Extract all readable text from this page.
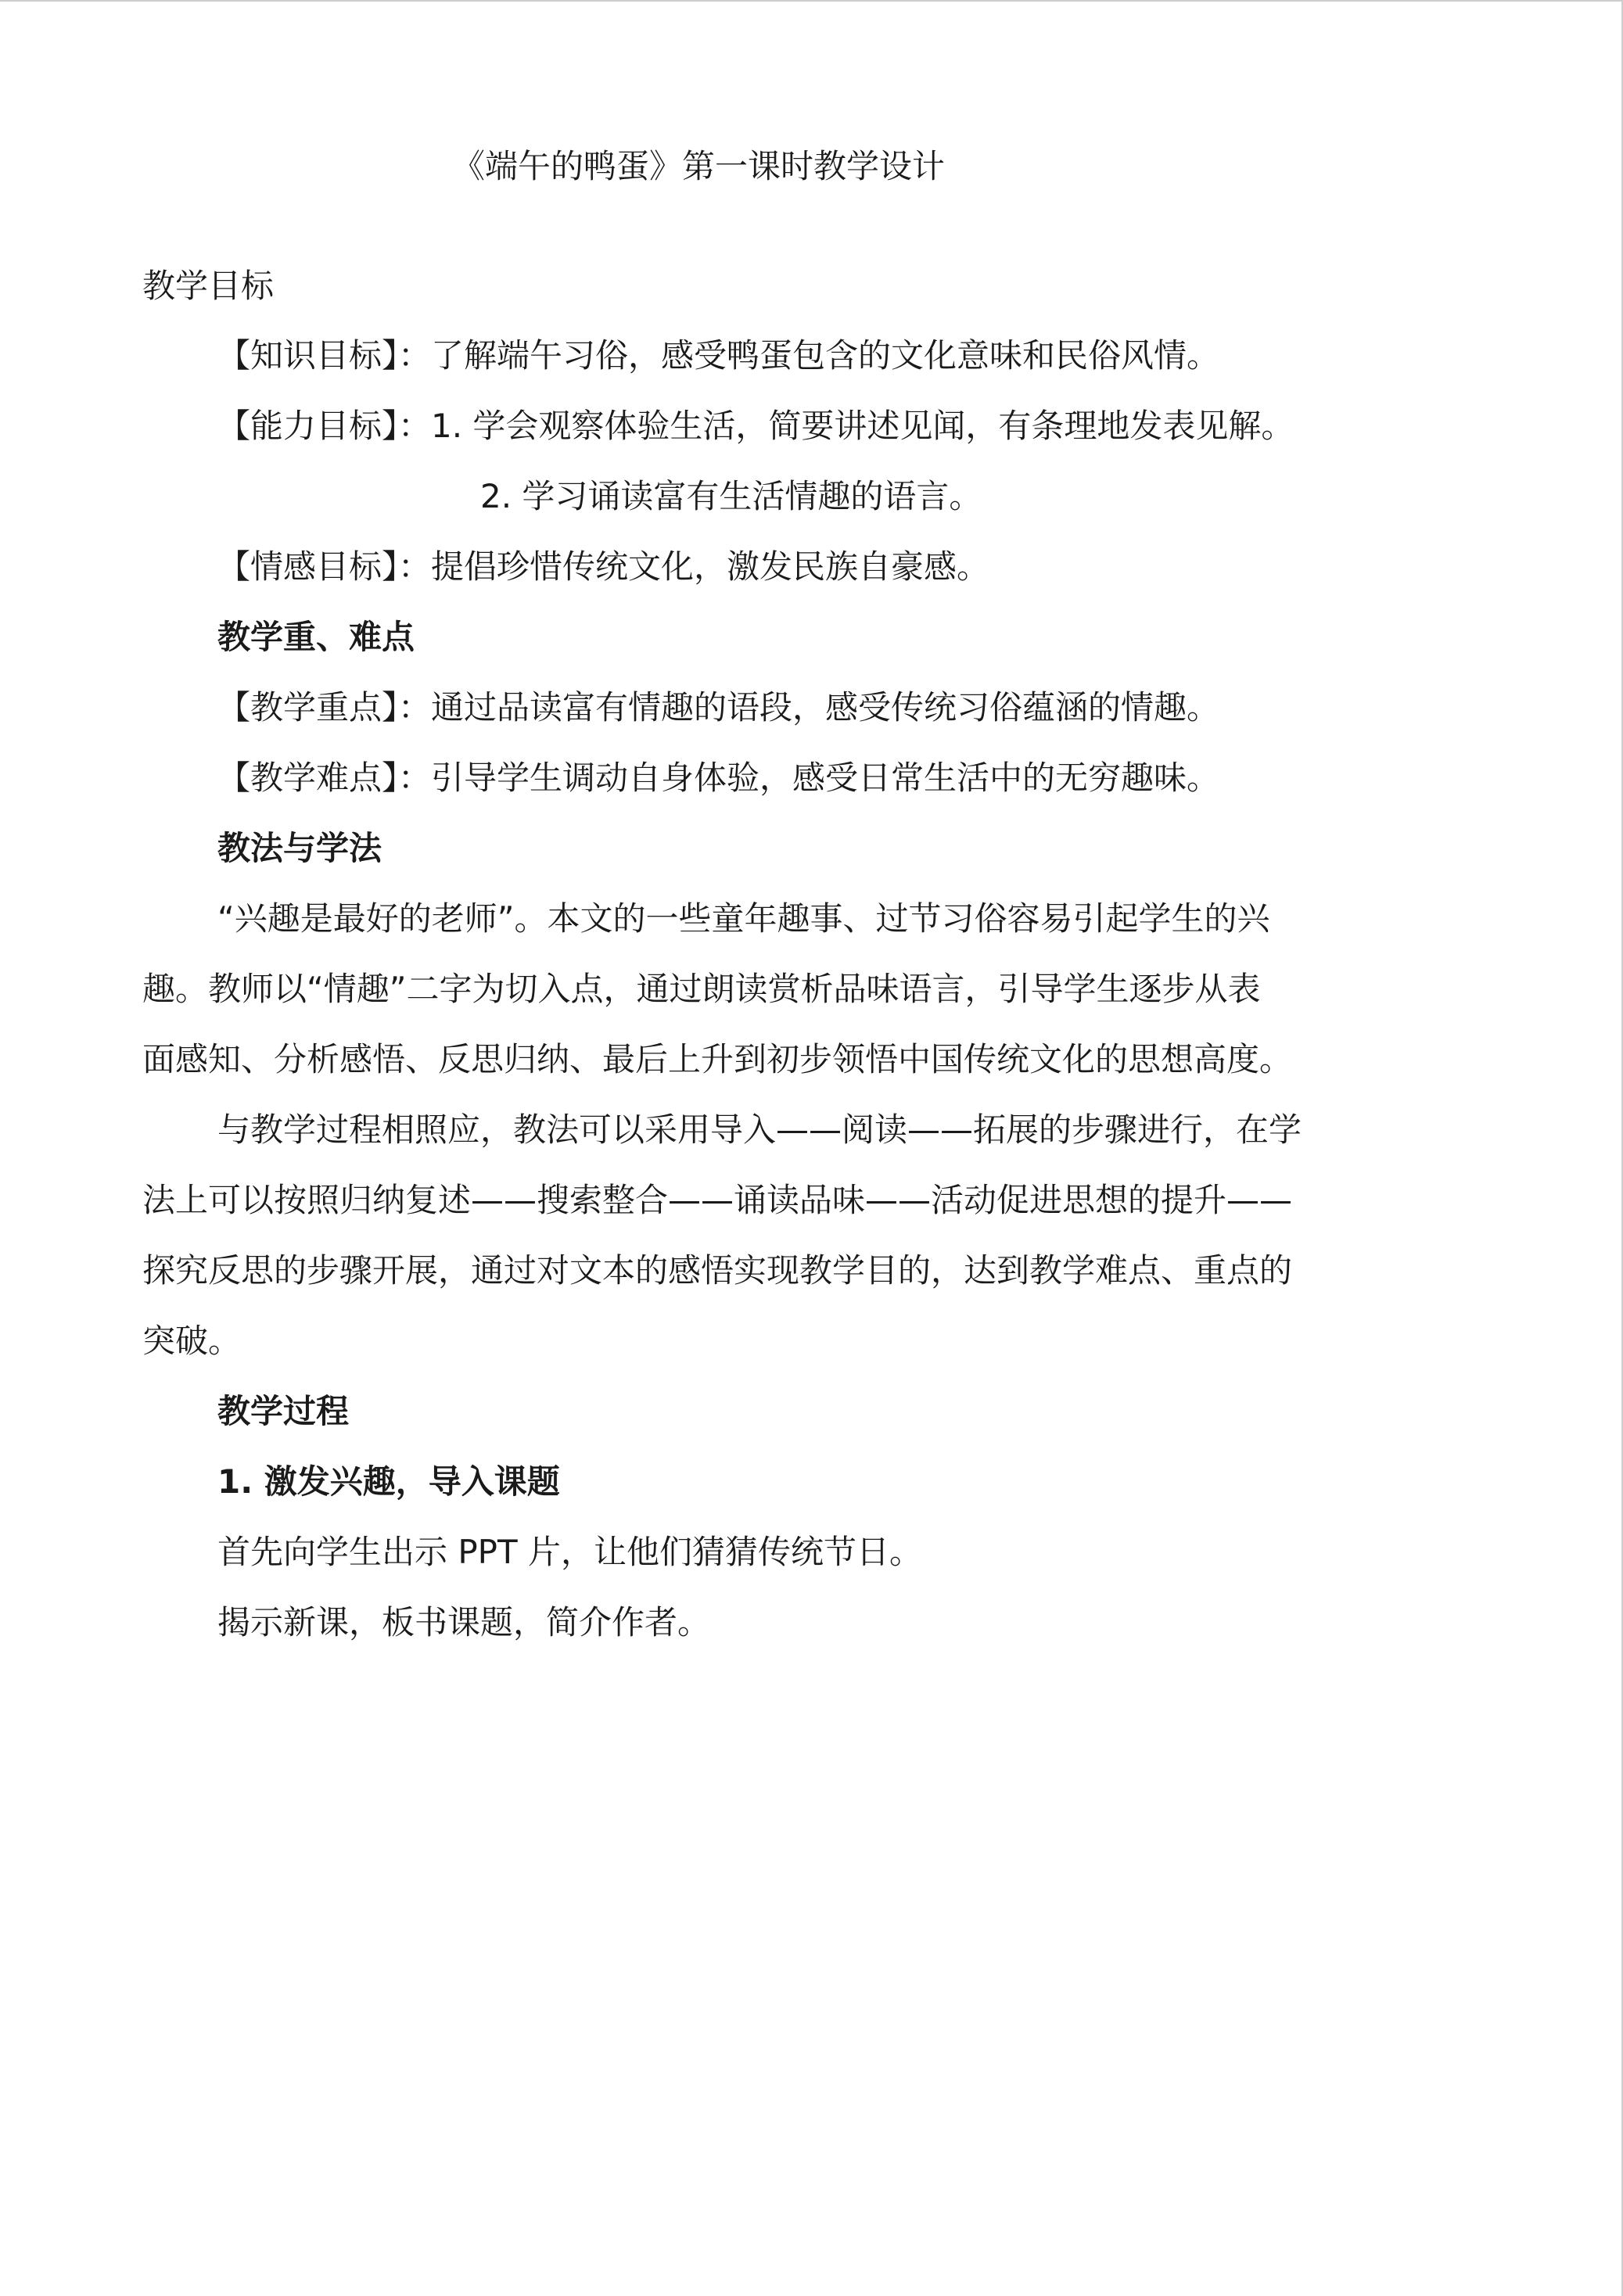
《端午的鸭蛋》第一课时教学设计
教学目标
【知识目标】：了解端午习俗，感受鸭蛋包含的文化意味和民俗风情。
【能力目标】：1. 学会观察体验生活，简要讲述见闻，有条理地发表见解。
2. 学习诵读富有生活情趣的语言。
【情感目标】：提倡珍惜传统文化，激发民族自豪感。
教学重、难点
【教学重点】：通过品读富有情趣的语段，感受传统习俗蕴涵的情趣。
【教学难点】：引导学生调动自身体验，感受日常生活中的无穷趣味。
教法与学法
“兴趣是最好的老师”。本文的一些童年趣事、过节习俗容易引起学生的兴
趣。教师以“情趣”二字为切入点，通过朗读赏析品味语言，引导学生逐步从表
面感知、分析感悟、反思归纳、最后上升到初步领悟中国传统文化的思想高度。
与教学过程相照应，教法可以采用导入——阅读——拓展的步骤进行，在学
法上可以按照归纳复述——搜索整合——诵读品味——活动促进思想的提升——
探究反思的步骤开展，通过对文本的感悟实现教学目的，达到教学难点、重点的
突破。
教学过程
1. 激发兴趣，导入课题
首先向学生出示 PPT 片，让他们猜猜传统节日。
揭示新课，板书课题，简介作者。
